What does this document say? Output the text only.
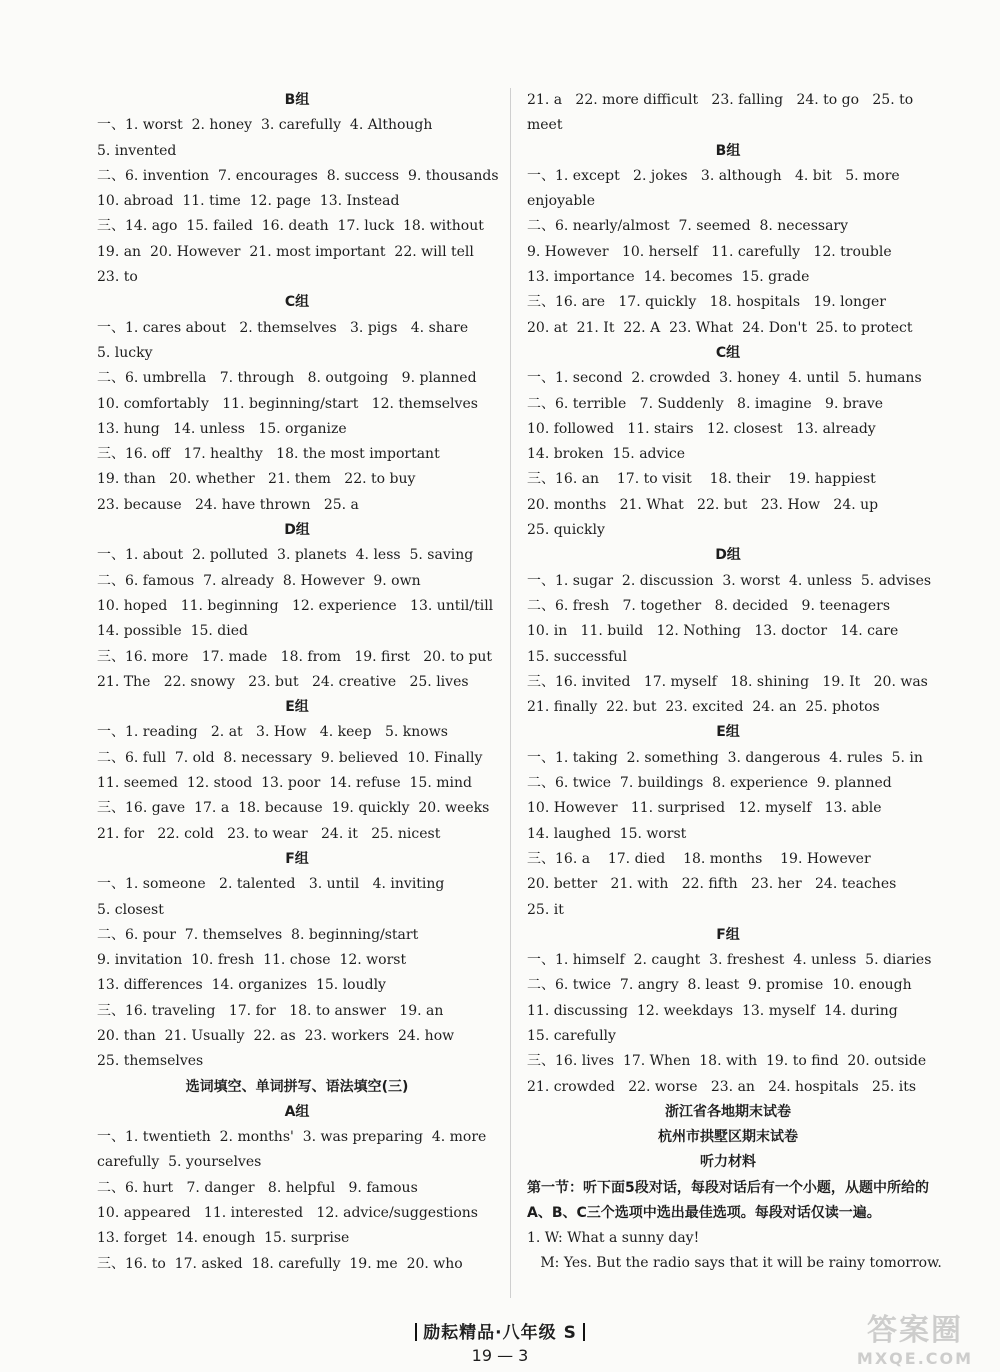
B组
一、1. worst  2. honey  3. carefully  4. Although
5. invented
二、6. invention  7. encourages  8. success  9. thousands
10. abroad  11. time  12. page  13. Instead
三、14. ago  15. failed  16. death  17. luck  18. without
19. an  20. However  21. most important  22. will tell
23. to
C组
一、1. cares about   2. themselves   3. pigs   4. share
5. lucky
二、6. umbrella   7. through   8. outgoing   9. planned
10. comfortably   11. beginning/start   12. themselves
13. hung   14. unless   15. organize
三、16. off   17. healthy   18. the most important
19. than   20. whether   21. them   22. to buy
23. because   24. have thrown   25. a
D组
一、1. about  2. polluted  3. planets  4. less  5. saving
二、6. famous  7. already  8. However  9. own
10. hoped   11. beginning   12. experience   13. until/till
14. possible  15. died
三、16. more   17. made   18. from   19. first   20. to put
21. The   22. snowy   23. but   24. creative   25. lives
E组
一、1. reading   2. at   3. How   4. keep   5. knows
二、6. full  7. old  8. necessary  9. believed  10. Finally
11. seemed  12. stood  13. poor  14. refuse  15. mind
三、16. gave  17. a  18. because  19. quickly  20. weeks
21. for   22. cold   23. to wear   24. it   25. nicest
F组
一、1. someone   2. talented   3. until   4. inviting
5. closest
二、6. pour  7. themselves  8. beginning/start
9. invitation  10. fresh  11. chose  12. worst
13. differences  14. organizes  15. loudly
三、16. traveling   17. for   18. to answer   19. an
20. than  21. Usually  22. as  23. workers  24. how
25. themselves
选词填空、单词拼写、语法填空(三)
A组
一、1. twentieth  2. months'  3. was preparing  4. more
carefully  5. yourselves
二、6. hurt   7. danger   8. helpful   9. famous
10. appeared   11. interested   12. advice/suggestions
13. forget  14. enough  15. surprise
三、16. to  17. asked  18. carefully  19. me  20. who
21. a   22. more difficult   23. falling   24. to go   25. to
meet
B组
一、1. except   2. jokes   3. although   4. bit   5. more
enjoyable
二、6. nearly/almost  7. seemed  8. necessary
9. However   10. herself   11. carefully   12. trouble
13. importance  14. becomes  15. grade
三、16. are   17. quickly   18. hospitals   19. longer
20. at  21. It  22. A  23. What  24. Don't  25. to protect
C组
一、1. second  2. crowded  3. honey  4. until  5. humans
二、6. terrible   7. Suddenly   8. imagine   9. brave
10. followed   11. stairs   12. closest   13. already
14. broken  15. advice
三、16. an    17. to visit    18. their    19. happiest
20. months   21. What   22. but   23. How   24. up
25. quickly
D组
一、1. sugar  2. discussion  3. worst  4. unless  5. advises
二、6. fresh   7. together   8. decided   9. teenagers
10. in   11. build   12. Nothing   13. doctor   14. care
15. successful
三、16. invited   17. myself   18. shining   19. It   20. was
21. finally  22. but  23. excited  24. an  25. photos
E组
一、1. taking  2. something  3. dangerous  4. rules  5. in
二、6. twice  7. buildings  8. experience  9. planned
10. However   11. surprised   12. myself   13. able
14. laughed  15. worst
三、16. a    17. died    18. months    19. However
20. better   21. with   22. fifth   23. her   24. teaches
25. it
F组
一、1. himself  2. caught  3. freshest  4. unless  5. diaries
二、6. twice  7. angry  8. least  9. promise  10. enough
11. discussing  12. weekdays  13. myself  14. during
15. carefully
三、16. lives  17. When  18. with  19. to find  20. outside
21. crowded   22. worse   23. an   24. hospitals   25. its
浙江省各地期末试卷
杭州市拱墅区期末试卷
听力材料
第一节：听下面5段对话，每段对话后有一个小题，从题中所给的A、B、C三个选项中选出最佳选项。每段对话仅读一遍。
1. W: What a sunny day!
M: Yes. But the radio says that it will be rainy tomorrow.
励耘精品·八年级 S
19 — 3
答案圈
MXQE.COM
